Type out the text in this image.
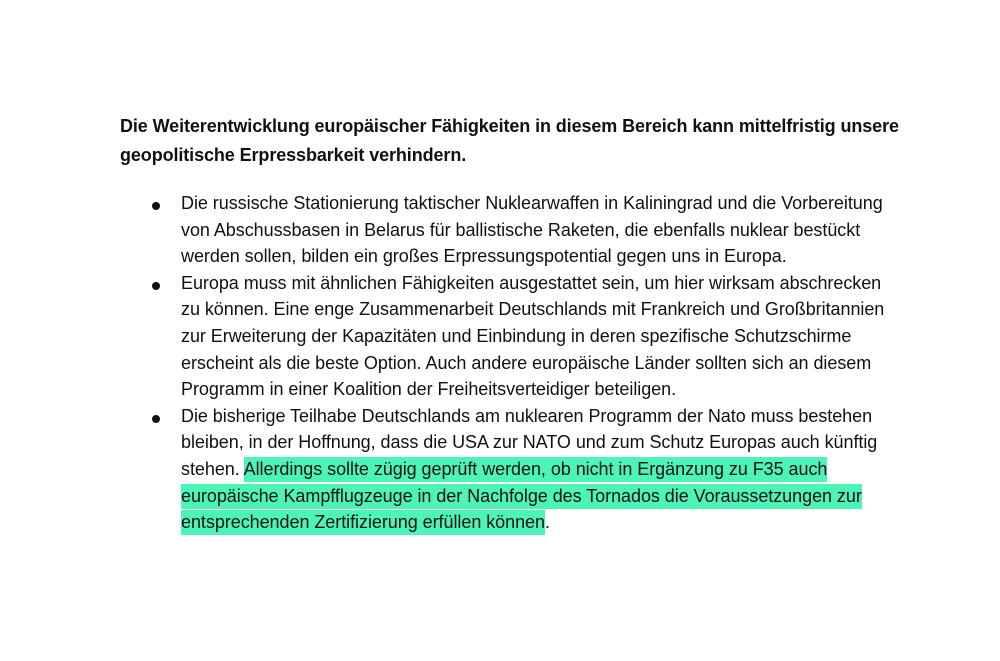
Die Weiterentwicklung europäischer Fähigkeiten in diesem Bereich kann mittelfristig unsere geopolitische Erpressbarkeit verhindern.

Die russische Stationierung taktischer Nuklearwaffen in Kaliningrad und die Vorbereitung von Abschussbasen in Belarus für ballistische Raketen, die ebenfalls nuklear bestückt werden sollen, bilden ein großes Erpressungspotential gegen uns in Europa.
Europa muss mit ähnlichen Fähigkeiten ausgestattet sein, um hier wirksam abschrecken zu können. Eine enge Zusammenarbeit Deutschlands mit Frankreich und Großbritannien zur Erweiterung der Kapazitäten und Einbindung in deren spezifische Schutzschirme erscheint als die beste Option. Auch andere europäische Länder sollten sich an diesem Programm in einer Koalition der Freiheitsverteidiger beteiligen.
Die bisherige Teilhabe Deutschlands am nuklearen Programm der Nato muss bestehen bleiben, in der Hoffnung, dass die USA zur NATO und zum Schutz Europas auch künftig stehen. Allerdings sollte zügig geprüft werden, ob nicht in Ergänzung zu F35 auch europäische Kampfflugzeuge in der Nachfolge des Tornados die Voraussetzungen zur entsprechenden Zertifizierung erfüllen können.
